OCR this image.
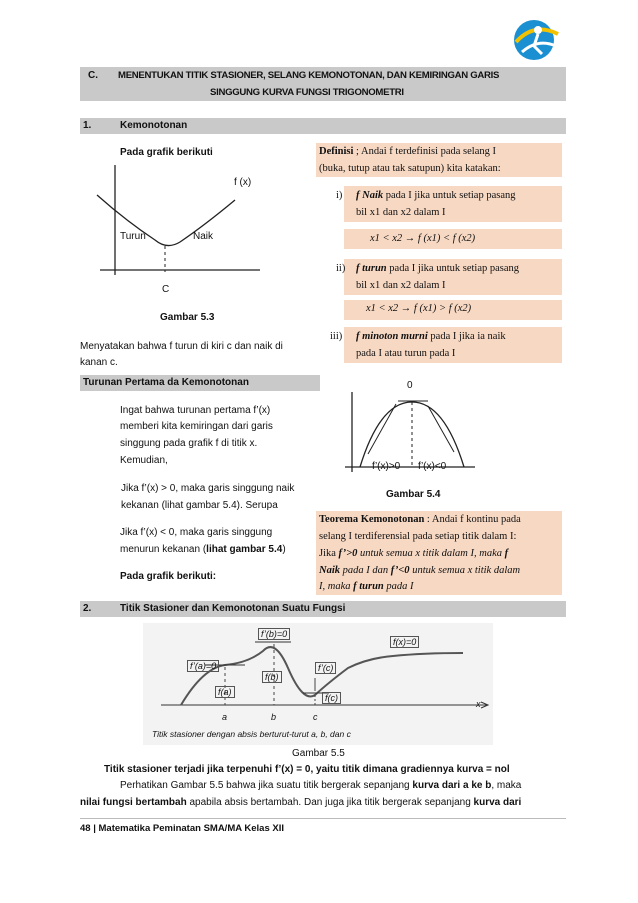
C. MENENTUKAN TITIK STASIONER, SELANG KEMONOTONAN, DAN KEMIRINGAN GARIS
SINGGUNG KURVA FUNGSI TRIGONOMETRI
1.	Kemonotonan
Pada grafik berikuti
f (x)
Turun	Naik
C
Gambar 5.3
Definisi ; Andai f terdefinisi pada selang I
(buka, tutup atau tak satupun) kita katakan:
i) f Naik pada I jika untuk setiap pasang
bil x1 dan x2 dalam I
x1 < x2 → f (x1) < f (x2)
ii) f turun pada I jika untuk setiap pasang
bil x1 dan x2 dalam I
x1 < x2 → f (x1) > f (x2)
iii) f minoton murni pada I jika ia naik
pada I atau turun pada I
Menyatakan bahwa f turun di kiri c dan naik di
kanan c.
Turunan Pertama da Kemonotonan
Ingat bahwa turunan pertama f’(x)
memberi kita kemiringan dari garis
singgung pada grafik f di titik x.
Kemudian,
Jika f’(x) > 0, maka garis singgung naik
kekanan (lihat gambar 5.4). Serupa
Jika f’(x) < 0, maka garis singgung
menurun kekanan (lihat gambar 5.4)
Pada grafik berikuti:
0
f’(x)>0 f’(x)<0
Gambar 5.4
Teorema Kemonotonan : Andai f kontinu pada
selang I terdiferensial pada setiap titik dalam I:
Jika f’>0 untuk semua x titik dalam I, maka f
Naik pada I dan f’<0 untuk semua x titik dalam
I, maka f turun pada I
2.	Titik Stasioner dan Kemonotonan Suatu Fungsi
f’(b)=0
f’(a)=0
f(b)
f(a)
f’(c)
f(c)
f(x)=0
a	b	c
x
Titik stasioner dengan absis berturut-turut a, b, dan c
Gambar 5.5
Titik stasioner terjadi jika terpenuhi f’(x) = 0, yaitu titik dimana gradiennya kurva = nol
Perhatikan Gambar 5.5 bahwa jika suatu titik bergerak sepanjang kurva dari a ke b, maka
nilai fungsi bertambah apabila absis bertambah. Dan juga jika titik bergerak sepanjang kurva dari
48 | Matematika Peminatan SMA/MA Kelas XII
